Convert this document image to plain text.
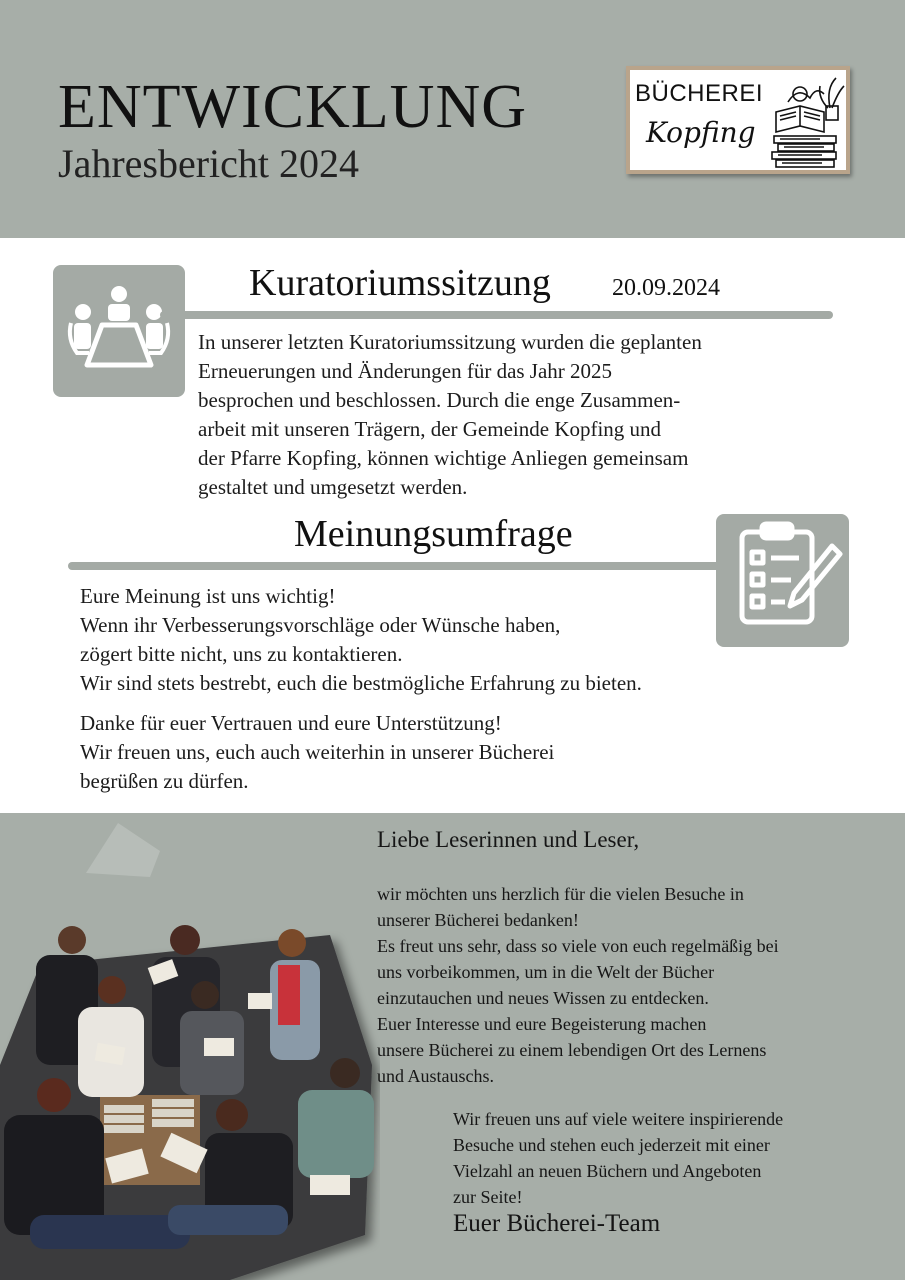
ENTWICKLUNG
Jahresbericht 2024
BÜCHEREI
Kopfing
Kuratoriumssitzung	20.09.2024
In unserer letzten Kuratoriumssitzung wurden die geplanten
Erneuerungen und Änderungen für das Jahr 2025
besprochen und beschlossen. Durch die enge Zusammen-
arbeit mit unseren Trägern, der Gemeinde Kopfing und
der Pfarre Kopfing, können wichtige Anliegen gemeinsam
gestaltet und umgesetzt werden.
Meinungsumfrage
Eure Meinung ist uns wichtig!
Wenn ihr Verbesserungsvorschläge oder Wünsche haben,
zögert bitte nicht, uns zu kontaktieren.
Wir sind stets bestrebt, euch die bestmögliche Erfahrung zu bieten.
Danke für euer Vertrauen und eure Unterstützung!
Wir freuen uns, euch auch weiterhin in unserer Bücherei
begrüßen zu dürfen.
Liebe Leserinnen und Leser,
wir möchten uns herzlich für die vielen Besuche in
unserer Bücherei bedanken!
Es freut uns sehr, dass so viele von euch regelmäßig bei
uns vorbeikommen, um in die Welt der Bücher
einzutauchen und neues Wissen zu entdecken.
Euer Interesse und eure Begeisterung machen
unsere Bücherei zu einem lebendigen Ort des Lernens
und Austauschs.
Wir freuen uns auf viele weitere inspirierende
Besuche und stehen euch jederzeit mit einer
Vielzahl an neuen Büchern und Angeboten
zur Seite!
Euer Bücherei-Team
